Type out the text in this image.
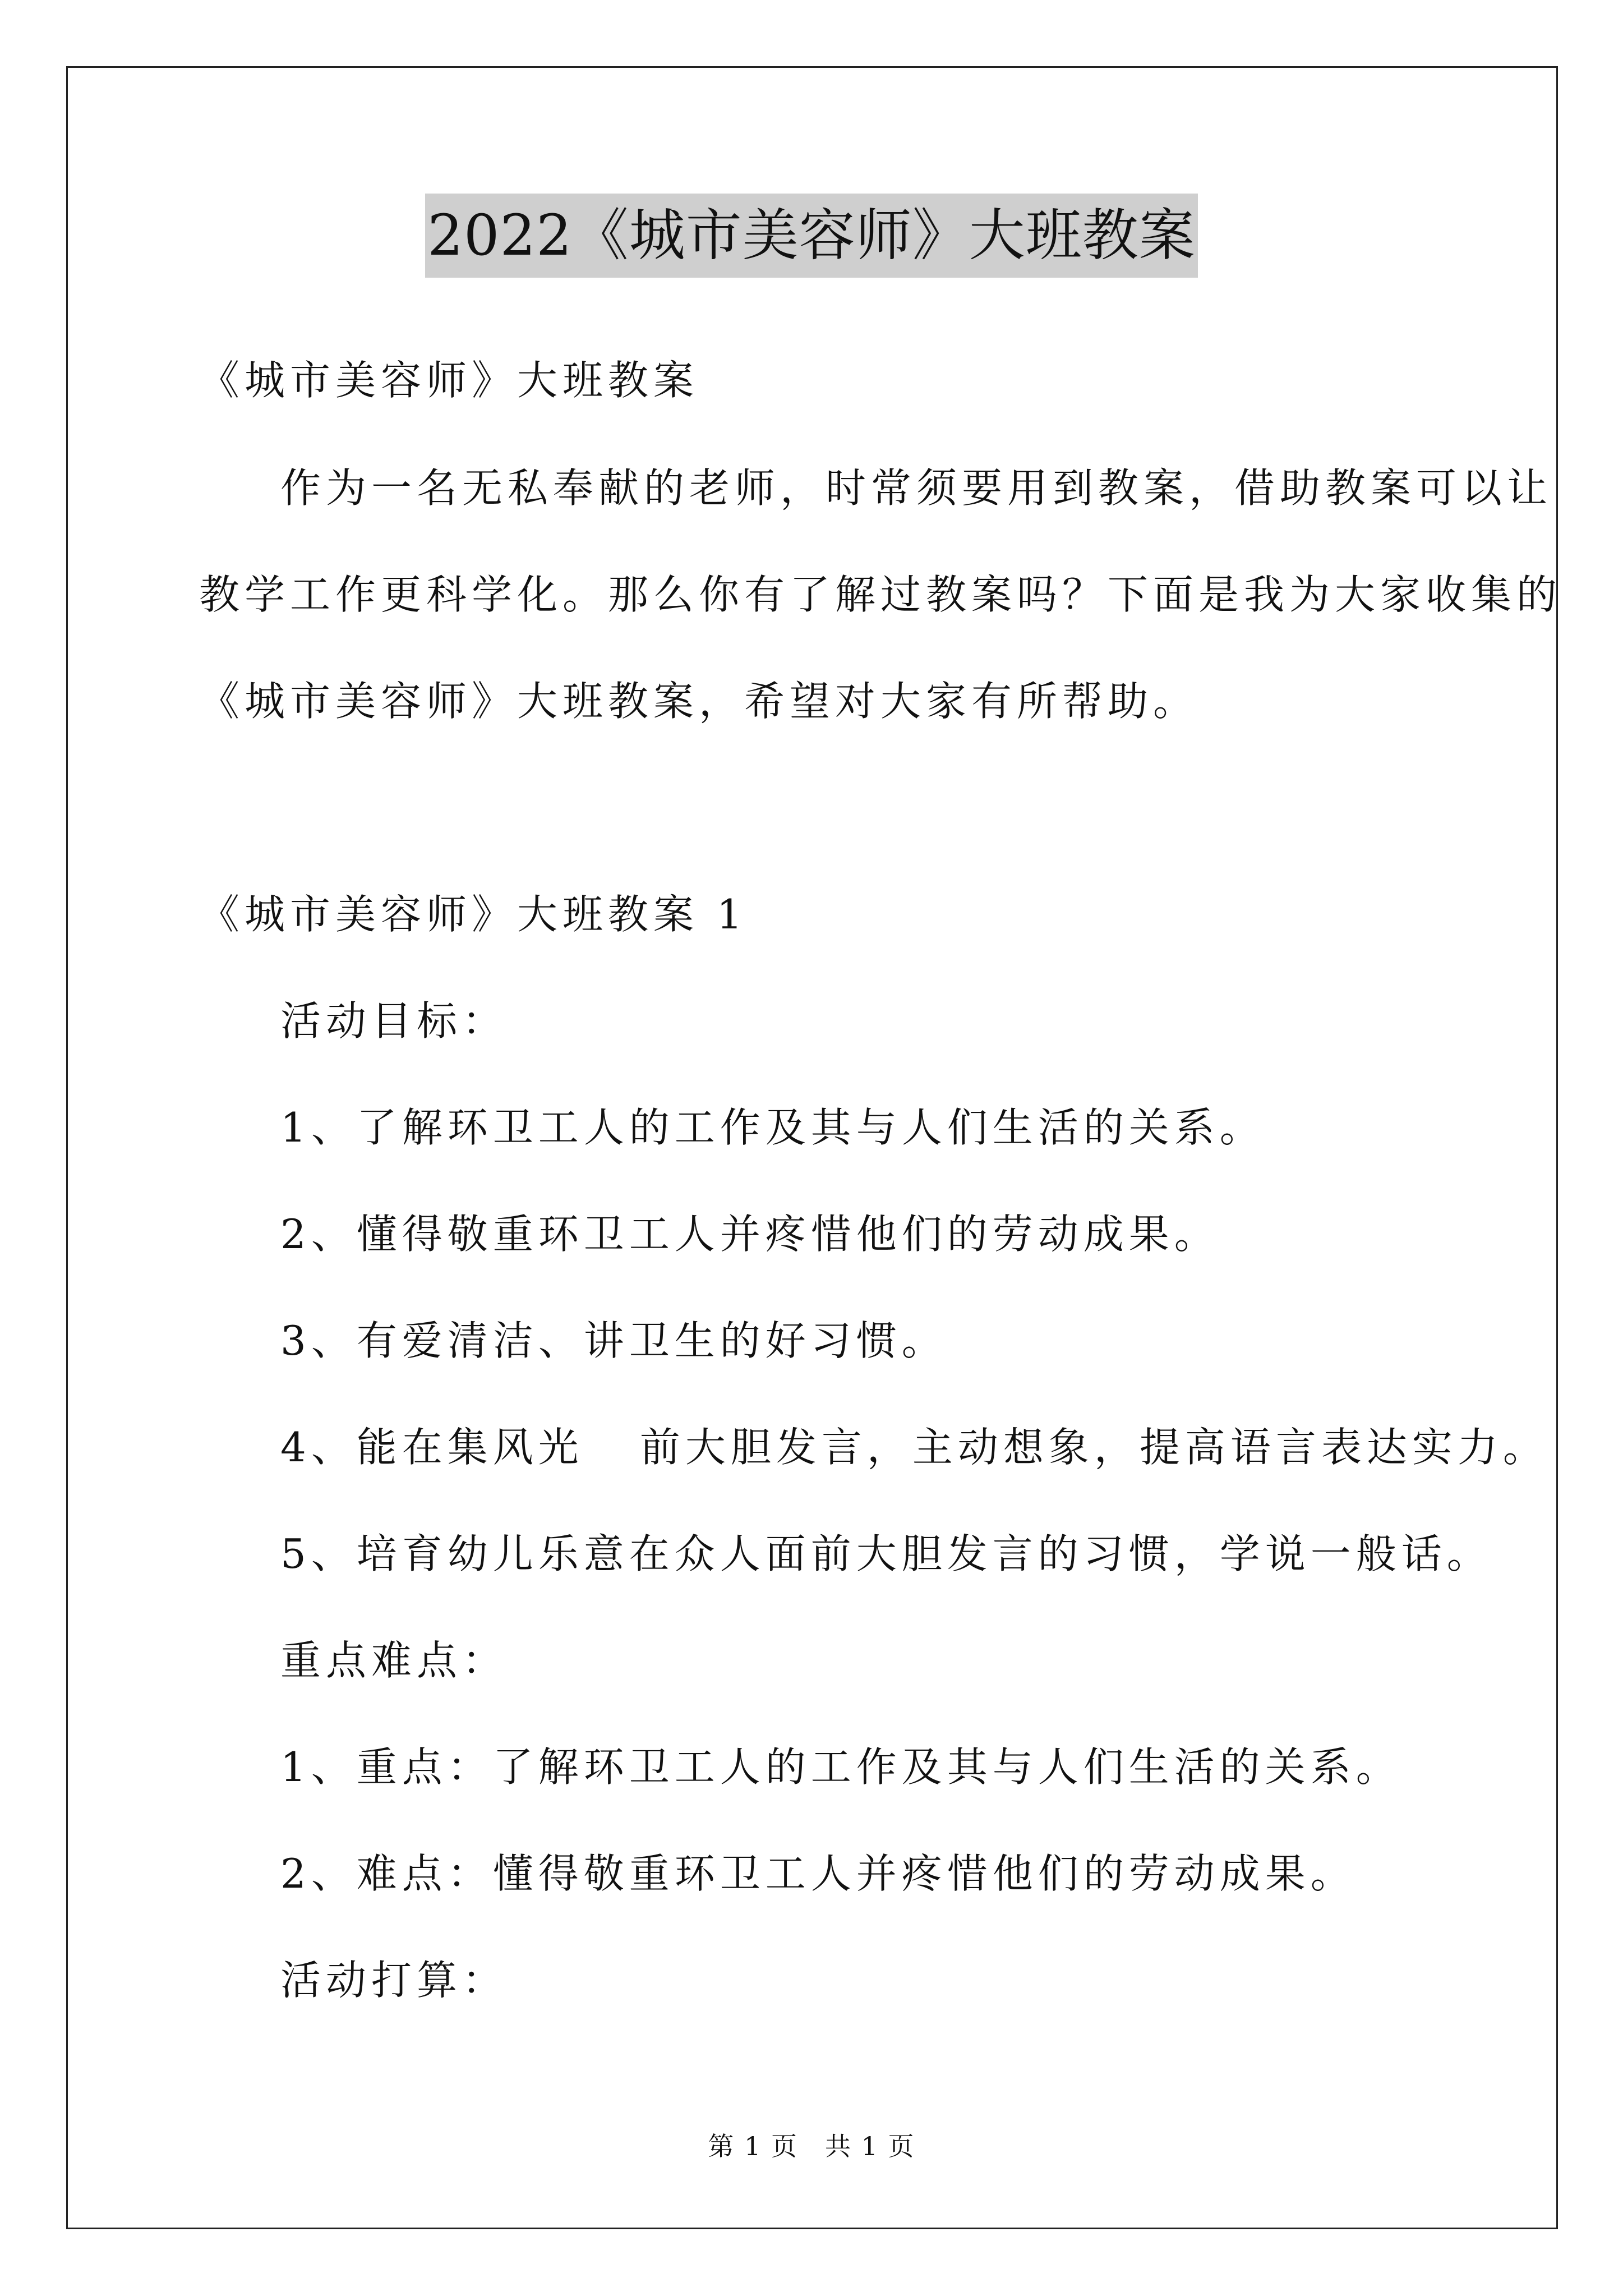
2022《城市美容师》大班教案
《城市美容师》大班教案
作为一名无私奉献的老师，时常须要用到教案，借助教案可以让
教学工作更科学化。那么你有了解过教案吗？下面是我为大家收集的
《城市美容师》大班教案，希望对大家有所帮助。
《城市美容师》大班教案 1
活动目标：
1、了解环卫工人的工作及其与人们生活的关系。
2、懂得敬重环卫工人并疼惜他们的劳动成果。
3、有爱清洁、讲卫生的好习惯。
4、能在集风光 前大胆发言，主动想象，提高语言表达实力。
5、培育幼儿乐意在众人面前大胆发言的习惯，学说一般话。
重点难点：
1、重点：了解环卫工人的工作及其与人们生活的关系。
2、难点：懂得敬重环卫工人并疼惜他们的劳动成果。
活动打算：
第 1 页　共 1 页
